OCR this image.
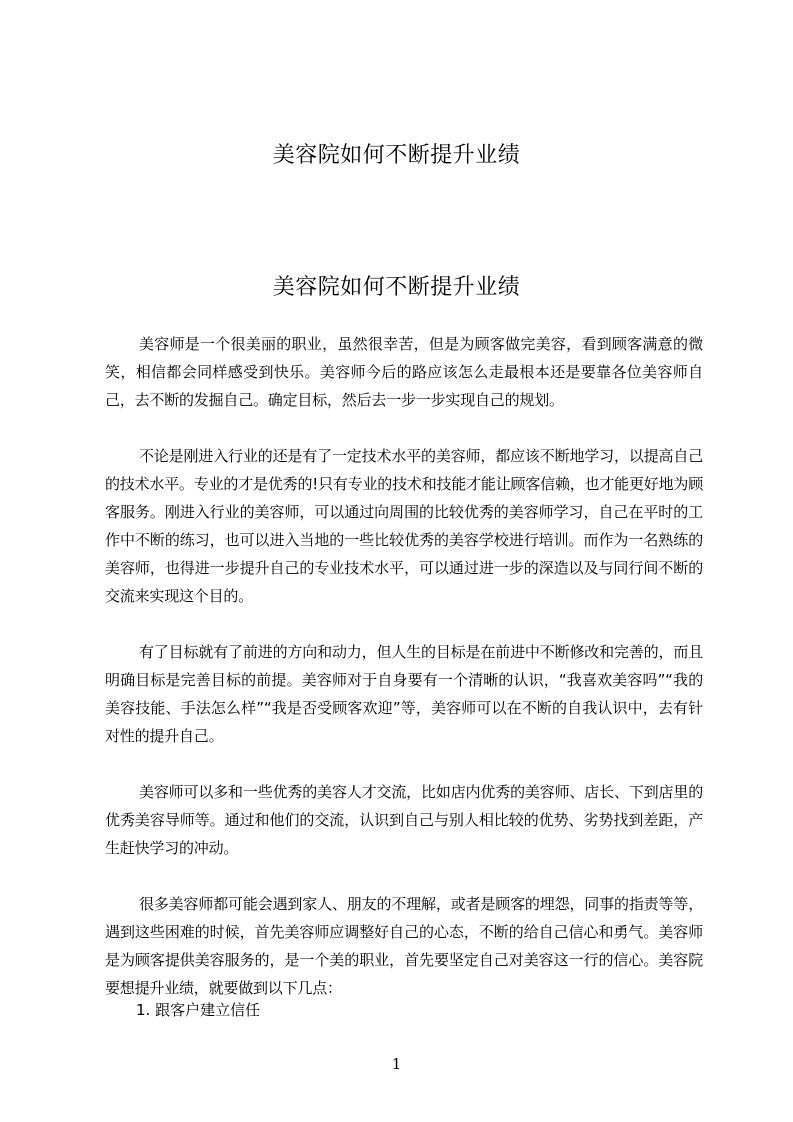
美容院如何不断提升业绩
美容院如何不断提升业绩

美容师是一个很美丽的职业，虽然很幸苦，但是为顾客做完美容，看到顾客满意的微笑，相信都会同样感受到快乐。美容师今后的路应该怎么走最根本还是要靠各位美容师自己，去不断的发掘自己。确定目标，然后去一步一步实现自己的规划。

不论是刚进入行业的还是有了一定技术水平的美容师，都应该不断地学习，以提高自己的技术水平。专业的才是优秀的!只有专业的技术和技能才能让顾客信赖，也才能更好地为顾客服务。刚进入行业的美容师，可以通过向周围的比较优秀的美容师学习，自己在平时的工作中不断的练习，也可以进入当地的一些比较优秀的美容学校进行培训。而作为一名熟练的美容师，也得进一步提升自己的专业技术水平，可以通过进一步的深造以及与同行间不断的交流来实现这个目的。

有了目标就有了前进的方向和动力，但人生的目标是在前进中不断修改和完善的，而且明确目标是完善目标的前提。美容师对于自身要有一个清晰的认识，“我喜欢美容吗”“我的美容技能、手法怎么样”“我是否受顾客欢迎”等，美容师可以在不断的自我认识中，去有针对性的提升自己。

美容师可以多和一些优秀的美容人才交流，比如店内优秀的美容师、店长、下到店里的优秀美容导师等。通过和他们的交流，认识到自己与别人相比较的优势、劣势找到差距，产生赶快学习的冲动。

很多美容师都可能会遇到家人、朋友的不理解，或者是顾客的埋怨，同事的指责等等，遇到这些困难的时候，首先美容师应调整好自己的心态，不断的给自己信心和勇气。美容师是为顾客提供美容服务的，是一个美的职业，首先要坚定自己对美容这一行的信心。美容院要想提升业绩，就要做到以下几点：

1. 跟客户建立信任
1
